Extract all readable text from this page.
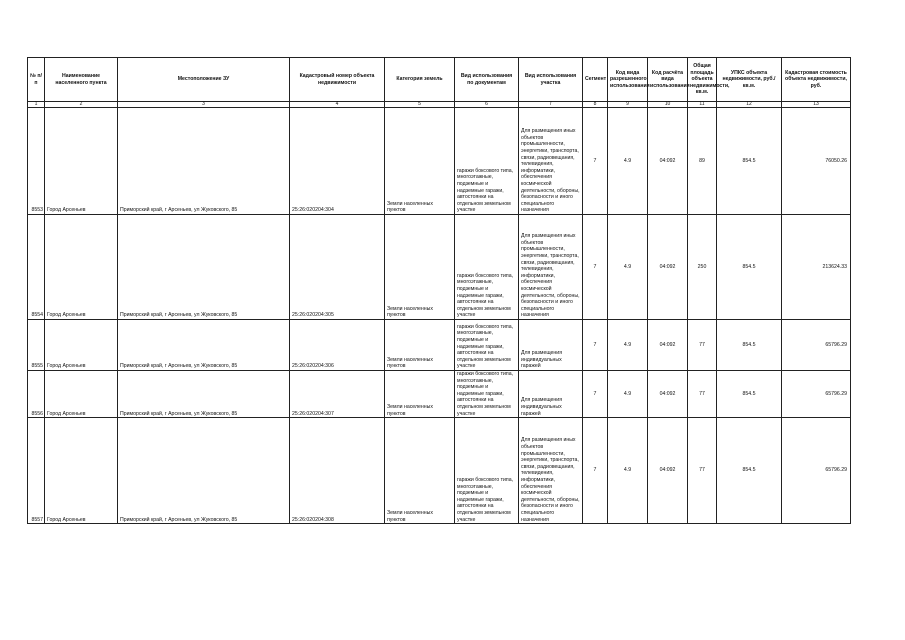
№ п/п	Наименование населенного пункта	Местоположение ЗУ	Кадастровый номер объекта недвижимости	Категория земель	Вид использования по документам	Вид использования участка	Сегмент	Код вида разрешенного использования	Код расчёта вида использования	Общая площадь объекта недвижимости, кв.м.	УПКС объекта недвижимости, руб./кв.м.	Кадастровая стоимость объекта недвижимости, руб.
1	2	3	4	5	6	7	8	9	10	11	12	13
8553	Город Арсеньев	Приморский край, г Арсеньев, ул Жуковского, 85	25:26:020204:304	Земли населенных пунктов	гаражи боксового типа, многоэтажные, подземные и надземные гаражи, автостоянки на отдельном земельном участке	Для размещения иных объектов промышленности, энергетики, транспорта, связи, радиовещания, телевидения, информатики, обеспечения космической деятельности, обороны, безопасности и иного специального назначения	7	4.9	04:092	89	854.5	76050.26
8554	Город Арсеньев	Приморский край, г Арсеньев, ул Жуковского, 85	25:26:020204:305	Земли населенных пунктов	гаражи боксового типа, многоэтажные, подземные и надземные гаражи, автостоянки на отдельном земельном участке	Для размещения иных объектов промышленности, энергетики, транспорта, связи, радиовещания, телевидения, информатики, обеспечения космической деятельности, обороны, безопасности и иного специального назначения	7	4.9	04:092	250	854.5	213624.33
8555	Город Арсеньев	Приморский край, г Арсеньев, ул Жуковского, 85	25:26:020204:306	Земли населенных пунктов	гаражи боксового типа, многоэтажные, подземные и надземные гаражи, автостоянки на отдельном земельном участке	Для размещения индивидуальных гаражей	7	4.9	04:092	77	854.5	65796.29
8556	Город Арсеньев	Приморский край, г Арсеньев, ул Жуковского, 85	25:26:020204:307	Земли населенных пунктов	гаражи боксового типа, многоэтажные, подземные и надземные гаражи, автостоянки на отдельном земельном участке	Для размещения индивидуальных гаражей	7	4.9	04:092	77	854.5	65796.29
8557	Город Арсеньев	Приморский край, г Арсеньев, ул Жуковского, 85	25:26:020204:308	Земли населенных пунктов	гаражи боксового типа, многоэтажные, подземные и надземные гаражи, автостоянки на отдельном земельном участке	Для размещения иных объектов промышленности, энергетики, транспорта, связи, радиовещания, телевидения, информатики, обеспечения космической деятельности, обороны, безопасности и иного специального назначения	7	4.9	04:092	77	854.5	65796.29
